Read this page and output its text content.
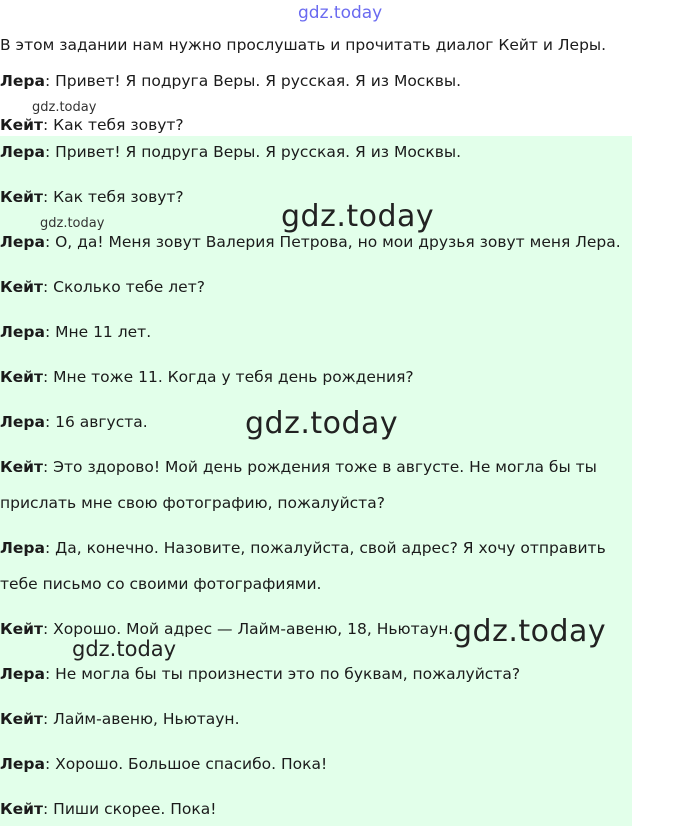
gdz.today
В этом задании нам нужно прослушать и прочитать диалог Кейт и Леры.
Лера: Привет! Я подруга Веры. Я русская. Я из Москвы.
gdz.today
Кейт: Как тебя зовут?
Лера: Привет! Я подруга Веры. Я русская. Я из Москвы.
Кейт: Как тебя зовут?
gdz.today	gdz.today
Лера: О, да! Меня зовут Валерия Петрова, но мои друзья зовут меня Лера.
Кейт: Сколько тебе лет?
Лера: Мне 11 лет.
Кейт: Мне тоже 11. Когда у тебя день рождения?
gdz.today
Лера: 16 августа.
Кейт: Это здорово! Мой день рождения тоже в августе. Не могла бы ты
прислать мне свою фотографию, пожалуйста?
Лера: Да, конечно. Назовите, пожалуйста, свой адрес? Я хочу отправить
тебе письмо со своими фотографиями.
Кейт: Хорошо. Мой адрес — Лайм-авеню, 18, Ньютаун. gdz.today
gdz.today
Лера: Не могла бы ты произнести это по буквам, пожалуйста?
Кейт: Лайм-авеню, Ньютаун.
Лера: Хорошо. Большое спасибо. Пока!
Кейт: Пиши скорее. Пока!
